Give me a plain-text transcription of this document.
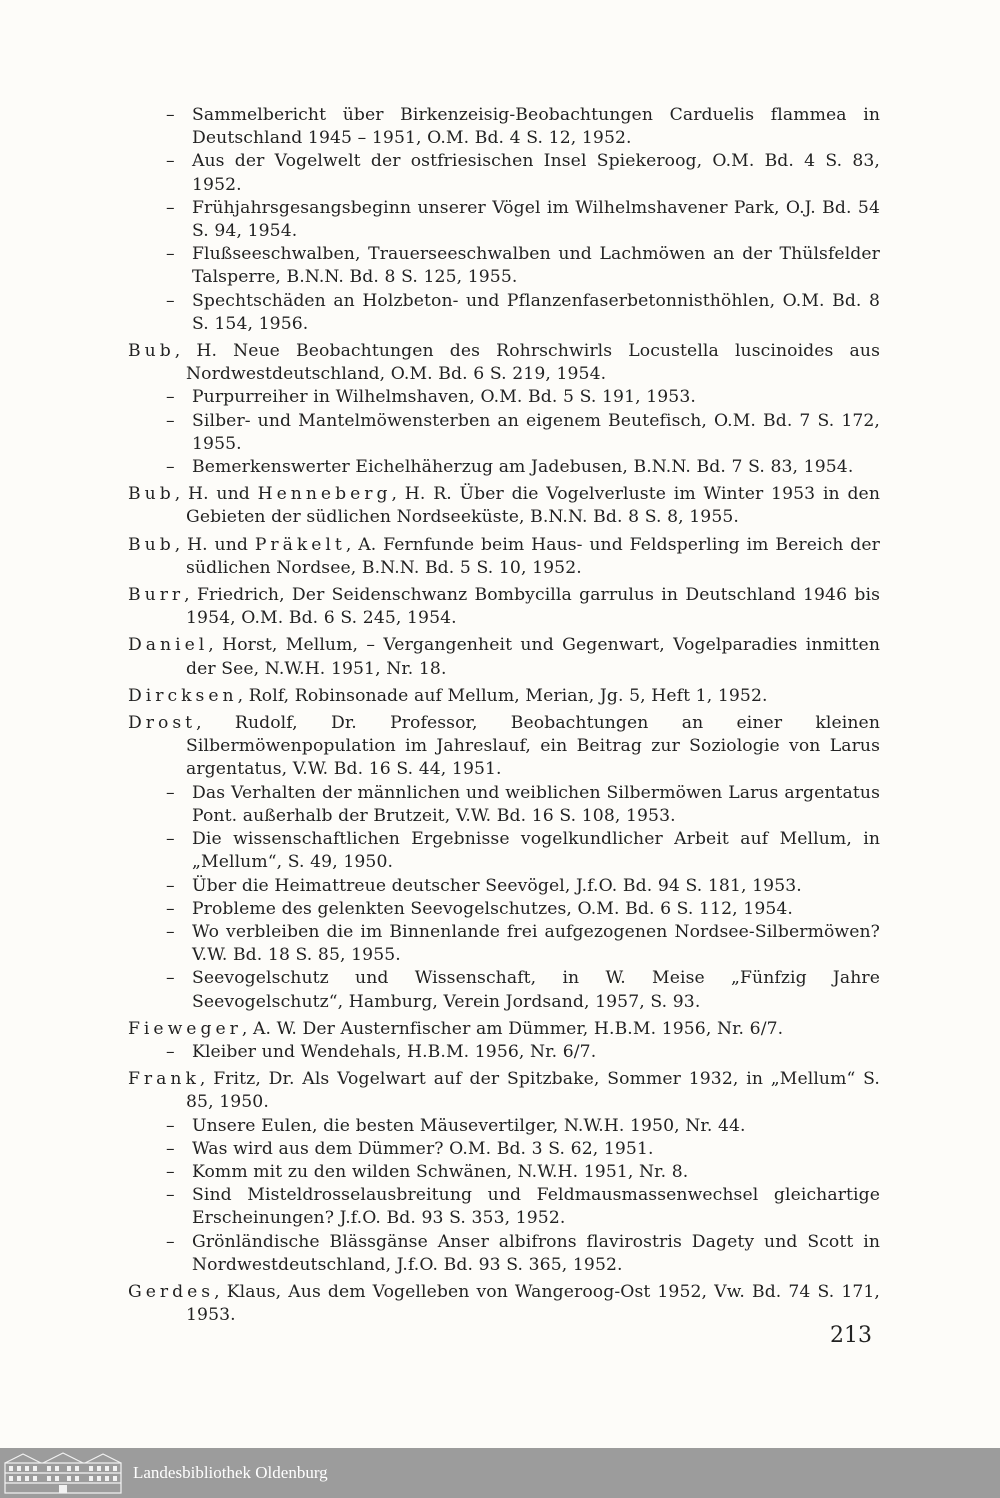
– Sammelbericht über Birkenzeisig-Beobachtungen Carduelis flammea in Deutschland 1945 – 1951, O.M. Bd. 4 S. 12, 1952.
– Aus der Vogelwelt der ostfriesischen Insel Spiekeroog, O.M. Bd. 4 S. 83, 1952.
– Frühjahrsgesangsbeginn unserer Vögel im Wilhelmshavener Park, O.J. Bd. 54 S. 94, 1954.
– Flußseeschwalben, Trauerseeschwalben und Lachmöwen an der Thülsfelder Talsperre, B.N.N. Bd. 8 S. 125, 1955.
– Spechtschäden an Holzbeton- und Pflanzenfaserbetonnisthöhlen, O.M. Bd. 8 S. 154, 1956.
Bub, H. Neue Beobachtungen des Rohrschwirls Locustella luscinoides aus Nordwestdeutschland, O.M. Bd. 6 S. 219, 1954.
– Purpurreiher in Wilhelmshaven, O.M. Bd. 5 S. 191, 1953.
– Silber- und Mantelmöwensterben an eigenem Beutefisch, O.M. Bd. 7 S. 172, 1955.
– Bemerkenswerter Eichelhäherzug am Jadebusen, B.N.N. Bd. 7 S. 83, 1954.
Bub, H. und Henneberg, H. R. Über die Vogelverluste im Winter 1953 in den Gebieten der südlichen Nordseeküste, B.N.N. Bd. 8 S. 8, 1955.
Bub, H. und Präkelt, A. Fernfunde beim Haus- und Feldsperling im Bereich der südlichen Nordsee, B.N.N. Bd. 5 S. 10, 1952.
Burr, Friedrich, Der Seidenschwanz Bombycilla garrulus in Deutschland 1946 bis 1954, O.M. Bd. 6 S. 245, 1954.
Daniel, Horst, Mellum, – Vergangenheit und Gegenwart, Vogelparadies inmitten der See, N.W.H. 1951, Nr. 18.
Dircksen, Rolf, Robinsonade auf Mellum, Merian, Jg. 5, Heft 1, 1952.
Drost, Rudolf, Dr. Professor, Beobachtungen an einer kleinen Silbermöwenpopulation im Jahreslauf, ein Beitrag zur Soziologie von Larus argentatus, V.W. Bd. 16 S. 44, 1951.
– Das Verhalten der männlichen und weiblichen Silbermöwen Larus argentatus Pont. außerhalb der Brutzeit, V.W. Bd. 16 S. 108, 1953.
– Die wissenschaftlichen Ergebnisse vogelkundlicher Arbeit auf Mellum, in „Mellum“, S. 49, 1950.
– Über die Heimattreue deutscher Seevögel, J.f.O. Bd. 94 S. 181, 1953.
– Probleme des gelenkten Seevogelschutzes, O.M. Bd. 6 S. 112, 1954.
– Wo verbleiben die im Binnenlande frei aufgezogenen Nordsee-Silbermöwen? V.W. Bd. 18 S. 85, 1955.
– Seevogelschutz und Wissenschaft, in W. Meise „Fünfzig Jahre Seevogelschutz“, Hamburg, Verein Jordsand, 1957, S. 93.
Fieweger, A. W. Der Austernfischer am Dümmer, H.B.M. 1956, Nr. 6/7.
– Kleiber und Wendehals, H.B.M. 1956, Nr. 6/7.
Frank, Fritz, Dr. Als Vogelwart auf der Spitzbake, Sommer 1932, in „Mellum“ S. 85, 1950.
– Unsere Eulen, die besten Mäusevertilger, N.W.H. 1950, Nr. 44.
– Was wird aus dem Dümmer? O.M. Bd. 3 S. 62, 1951.
– Komm mit zu den wilden Schwänen, N.W.H. 1951, Nr. 8.
– Sind Misteldrosselausbreitung und Feldmausmassenwechsel gleichartige Erscheinungen? J.f.O. Bd. 93 S. 353, 1952.
– Grönländische Blässgänse Anser albifrons flavirostris Dagety und Scott in Nordwestdeutschland, J.f.O. Bd. 93 S. 365, 1952.
Gerdes, Klaus, Aus dem Vogelleben von Wangeroog-Ost 1952, Vw. Bd. 74 S. 171, 1953.
213
Landesbibliothek Oldenburg
